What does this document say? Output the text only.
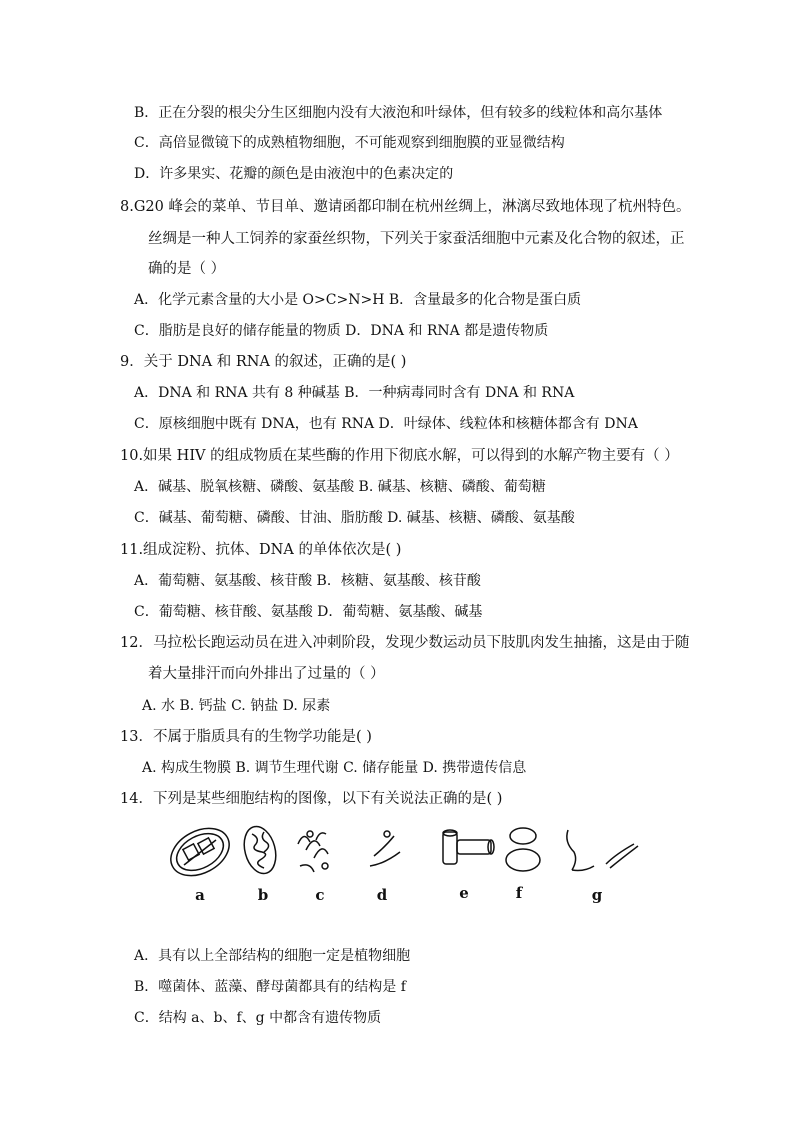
B．正在分裂的根尖分生区细胞内没有大液泡和叶绿体，但有较多的线粒体和高尔基体
C．高倍显微镜下的成熟植物细胞，不可能观察到细胞膜的亚显微结构
D．许多果实、花瓣的颜色是由液泡中的色素决定的
8.G20 峰会的菜单、节目单、邀请函都印制在杭州丝绸上，淋漓尽致地体现了杭州特色。
丝绸是一种人工饲养的家蚕丝织物，下列关于家蚕活细胞中元素及化合物的叙述，正
确的是（ ）
A．化学元素含量的大小是 O>C>N>H B．含量最多的化合物是蛋白质
C．脂肪是良好的储存能量的物质 D．DNA 和 RNA 都是遗传物质
9．关于 DNA 和 RNA 的叙述，正确的是( )
A．DNA 和 RNA 共有 8 种碱基 B．一种病毒同时含有 DNA 和 RNA
C．原核细胞中既有 DNA，也有 RNA D．叶绿体、线粒体和核糖体都含有 DNA
10.如果 HIV 的组成物质在某些酶的作用下彻底水解，可以得到的水解产物主要有（ ）
A．碱基、脱氧核糖、磷酸、氨基酸 B. 碱基、核糖、磷酸、葡萄糖
C．碱基、葡萄糖、磷酸、甘油、脂肪酸 D. 碱基、核糖、磷酸、氨基酸
11.组成淀粉、抗体、DNA 的单体依次是( )
A．葡萄糖、氨基酸、核苷酸 B．核糖、氨基酸、核苷酸
C．葡萄糖、核苷酸、氨基酸 D．葡萄糖、氨基酸、碱基
12．马拉松长跑运动员在进入冲刺阶段，发现少数运动员下肢肌肉发生抽搐，这是由于随
着大量排汗而向外排出了过量的（ ）
A. 水 B. 钙盐 C. 钠盐 D. 尿素
13．不属于脂质具有的生物学功能是( )
A. 构成生物膜 B. 调节生理代谢 C. 储存能量 D. 携带遗传信息
14．下列是某些细胞结构的图像，以下有关说法正确的是( )
a	b	c	d	e	f	g
A．具有以上全部结构的细胞一定是植物细胞
B．噬菌体、蓝藻、酵母菌都具有的结构是 f
C．结构 a、b、f、g 中都含有遗传物质
